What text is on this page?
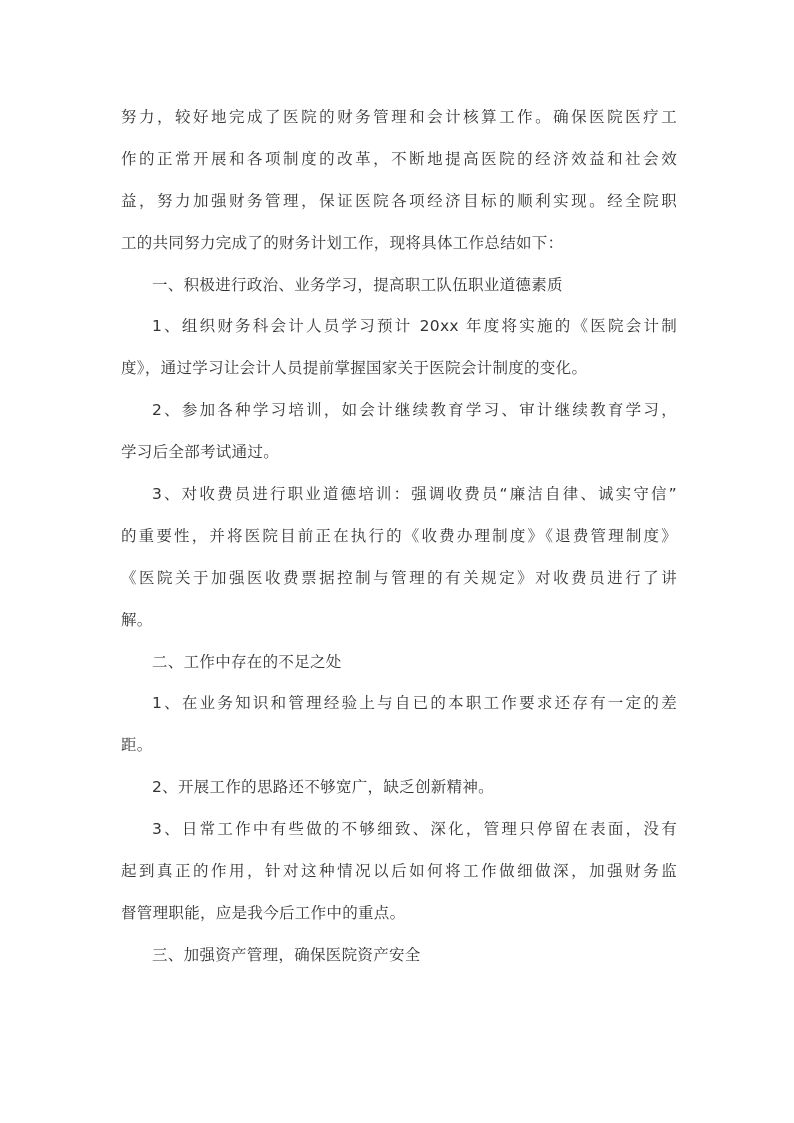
努力，较好地完成了医院的财务管理和会计核算工作。确保医院医疗工
作的正常开展和各项制度的改革，不断地提高医院的经济效益和社会效
益，努力加强财务管理，保证医院各项经济目标的顺利实现。经全院职
工的共同努力完成了的财务计划工作，现将具体工作总结如下：
一、积极进行政治、业务学习，提高职工队伍职业道德素质
1、组织财务科会计人员学习预计 20xx 年度将实施的《医院会计制
度》，通过学习让会计人员提前掌握国家关于医院会计制度的变化。
2、参加各种学习培训，如会计继续教育学习、审计继续教育学习，
学习后全部考试通过。
3、对收费员进行职业道德培训：强调收费员“廉洁自律、诚实守信”
的重要性，并将医院目前正在执行的《收费办理制度》《退费管理制度》
《医院关于加强医收费票据控制与管理的有关规定》对收费员进行了讲
解。
二、工作中存在的不足之处
1、在业务知识和管理经验上与自已的本职工作要求还存有一定的差
距。
2、开展工作的思路还不够宽广，缺乏创新精神。
3、日常工作中有些做的不够细致、深化，管理只停留在表面，没有
起到真正的作用，针对这种情况以后如何将工作做细做深，加强财务监
督管理职能，应是我今后工作中的重点。
三、加强资产管理，确保医院资产安全
